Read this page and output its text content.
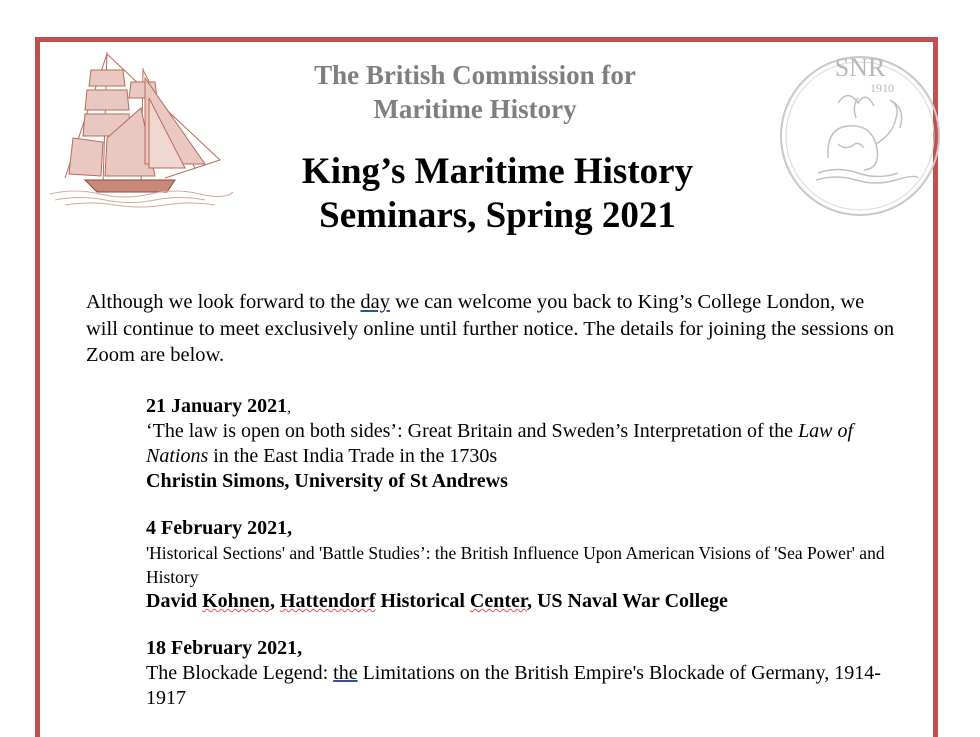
SNR
1910
The British Commission for
Maritime History
King’s Maritime History
Seminars, Spring 2021
Although we look forward to the day we can welcome you back to King’s College London, we will continue to meet exclusively online until further notice. The details for joining the sessions on Zoom are below.
21 January 2021,
‘The law is open on both sides’: Great Britain and Sweden’s Interpretation of the Law of Nations in the East India Trade in the 1730s
Christin Simons, University of St Andrews
4 February 2021,
'Historical Sections' and 'Battle Studies’: the British Influence Upon American Visions of 'Sea Power' and History
David Kohnen, Hattendorf Historical Center, US Naval War College
18 February 2021,
The Blockade Legend: the Limitations on the British Empire's Blockade of Germany, 1914-1917
